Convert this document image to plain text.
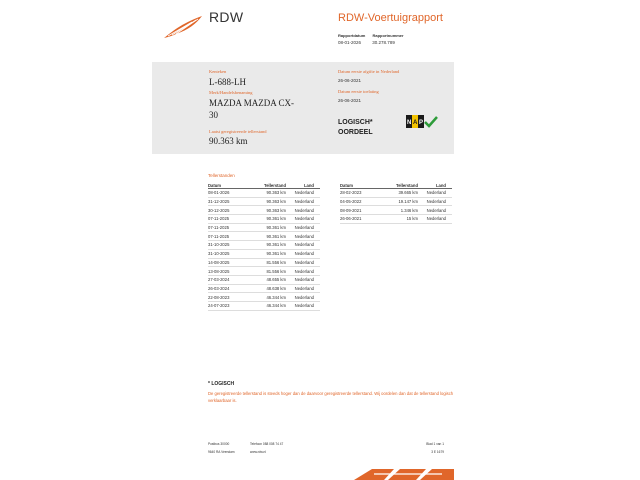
RDW	RDW-Voertuigrapport
Rapportdatum Rapportnummer
08-01-2026	30.278.789
Kenteken
L-688-LH
Merk/Handelsbenaming
MAZDA MAZDA CX-
30
Laatst geregistreerde tellerstand
90.363 km
Datum eerste afgifte in Nederland
26-06-2021
Datum eerste toelating
26-06-2021
LOGISCH*
OORDEEL
N A P
Tellerstanden
Datum	Tellerstand	Land
08-01-2026	90.363 km	Nederland
31-12-2025	90.363 km	Nederland
30-12-2025	90.363 km	Nederland
07-11-2025	90.361 km	Nederland
07-11-2025	90.361 km	Nederland
07-11-2025	90.361 km	Nederland
31-10-2025	90.361 km	Nederland
31-10-2025	90.361 km	Nederland
14-08-2025	81.556 km	Nederland
13-08-2025	81.556 km	Nederland
27-03-2024	48.655 km	Nederland
26-03-2024	48.638 km	Nederland
22-08-2023	46.344 km	Nederland
24-07-2023	46.344 km	Nederland
Datum	Tellerstand	Land
28-02-2023	39.665 km	Nederland
04-05-2022	19.147 km	Nederland
08-09-2021	1.346 km	Nederland
26-06-2021	15 km	Nederland
* LOGISCH
De geregistreerde tellerstand is steeds hoger dan de daarvoor geregistreerde tellerstand. Wij oordelen dan dat de tellerstand logisch verklaarbaar is.
Postbus 30000
9640 RA Veendam
Telefoon 088 008 74 47
www.rdw.nl
Blad 1 van 1
3 E 1679
